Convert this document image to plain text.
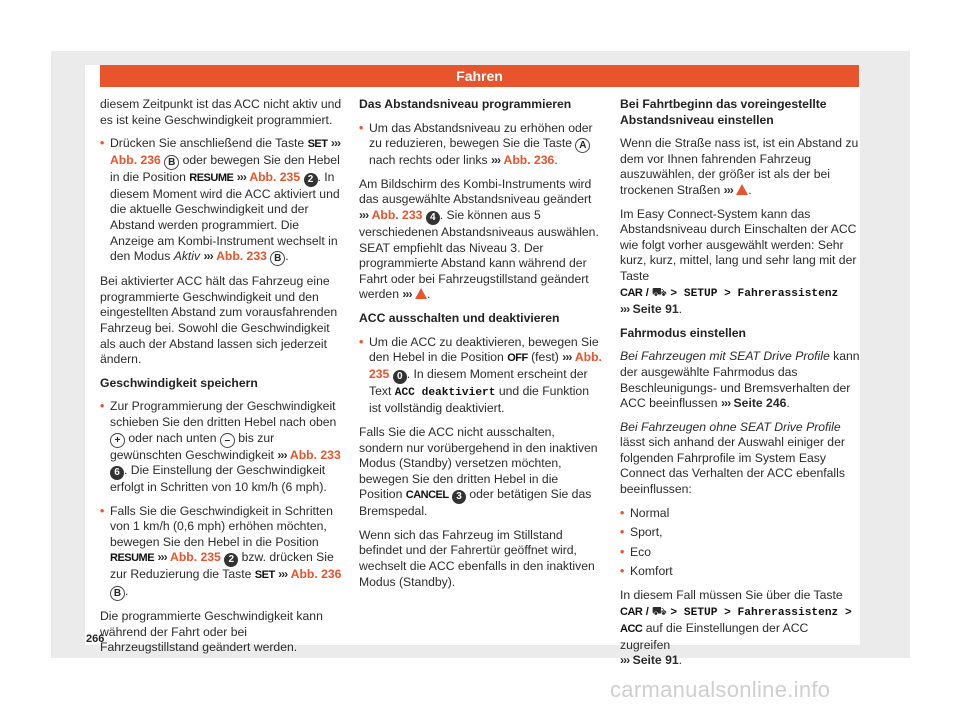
Fahren

diesem Zeitpunkt ist das ACC nicht aktiv und es ist keine Geschwindigkeit programmiert.

• Drücken Sie anschließend die Taste SET ››› Abb. 236 B oder bewegen Sie den Hebel in die Position RESUME ››› Abb. 235 2 . In diesem Moment wird die ACC aktiviert und die aktuelle Geschwindigkeit und der Abstand werden programmiert. Die Anzeige am Kombi-Instrument wechselt in den Modus Aktiv ››› Abb. 233 B .

Bei aktivierter ACC hält das Fahrzeug eine programmierte Geschwindigkeit und den eingestellten Abstand zum vorausfahrenden Fahrzeug bei. Sowohl die Geschwindigkeit als auch der Abstand lassen sich jederzeit ändern.

Geschwindigkeit speichern

• Zur Programmierung der Geschwindigkeit schieben Sie den dritten Hebel nach oben + oder nach unten – bis zur gewünschten Geschwindigkeit ››› Abb. 233 6 . Die Einstellung der Geschwindigkeit erfolgt in Schritten von 10 km/h (6 mph).

• Falls Sie die Geschwindigkeit in Schritten von 1 km/h (0,6 mph) erhöhen möchten, bewegen Sie den Hebel in die Position RESUME ››› Abb. 235 2 bzw. drücken Sie zur Reduzierung die Taste SET ››› Abb. 236 B .

Die programmierte Geschwindigkeit kann während der Fahrt oder bei Fahrzeugstillstand geändert werden.

Das Abstandsniveau programmieren

• Um das Abstandsniveau zu erhöhen oder zu reduzieren, bewegen Sie die Taste A nach rechts oder links ››› Abb. 236.

Am Bildschirm des Kombi-Instruments wird das ausgewählte Abstandsniveau geändert ››› Abb. 233 4 . Sie können aus 5 verschiedenen Abstandsniveaus auswählen. SEAT empfiehlt das Niveau 3. Der programmierte Abstand kann während der Fahrt oder bei Fahrzeugstillstand geändert werden ››› .

ACC ausschalten und deaktivieren

• Um die ACC zu deaktivieren, bewegen Sie den Hebel in die Position OFF (fest) ››› Abb. 235 0 . In diesem Moment erscheint der Text ACC deaktiviert und die Funktion ist vollständig deaktiviert.

Falls Sie die ACC nicht ausschalten, sondern nur vorübergehend in den inaktiven Modus (Standby) versetzen möchten, bewegen Sie den dritten Hebel in die Position CANCEL 3 oder betätigen Sie das Bremspedal.

Wenn sich das Fahrzeug im Stillstand befindet und der Fahrertür geöffnet wird, wechselt die ACC ebenfalls in den inaktiven Modus (Standby).

Bei Fahrtbeginn das voreingestellte Abstandsniveau einstellen

Wenn die Straße nass ist, ist ein Abstand zu dem vor Ihnen fahrenden Fahrzeug auszuwählen, der größer ist als der bei trockenen Straßen ››› .

Im Easy Connect-System kann das Abstandsniveau durch Einschalten der ACC wie folgt vorher ausgewählt werden: Sehr kurz, kurz, mittel, lang und sehr lang mit der Taste
CAR / ⛟ > SETUP > Fahrerassistenz
››› Seite 91.

Fahrmodus einstellen

Bei Fahrzeugen mit SEAT Drive Profile kann der ausgewählte Fahrmodus das Beschleunigungs- und Bremsverhalten der ACC beeinflussen ››› Seite 246.

Bei Fahrzeugen ohne SEAT Drive Profile lässt sich anhand der Auswahl einiger der folgenden Fahrprofile im System Easy Connect das Verhalten der ACC ebenfalls beeinflussen:

• Normal

• Sport,

• Eco

• Komfort

In diesem Fall müssen Sie über die Taste
CAR / ⛟ > SETUP > Fahrerassistenz >
ACC auf die Einstellungen der ACC zugreifen
››› Seite 91.

266
carmanualsonline.info
